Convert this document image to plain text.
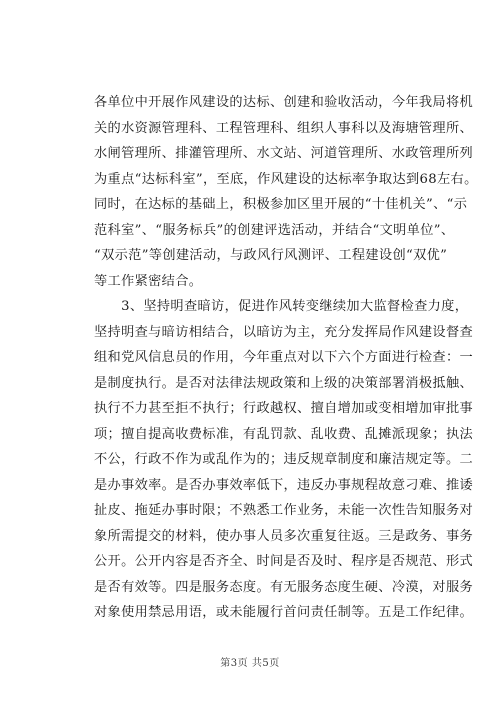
各单位中开展作风建设的达标、创建和验收活动，今年我局将机
关的水资源管理科、工程管理科、组织人事科以及海塘管理所、
水闸管理所、排灌管理所、水文站、河道管理所、水政管理所列
为重点“达标科室”，至底，作风建设的达标率争取达到68左右。
同时，在达标的基础上，积极参加区里开展的“十佳机关”、“示
范科室”、“服务标兵”的创建评选活动，并结合“文明单位”、
“双示范”等创建活动，与政风行风测评、工程建设创“双优”
等工作紧密结合。
　　3、坚持明查暗访，促进作风转变继续加大监督检查力度，
坚持明查与暗访相结合，以暗访为主，充分发挥局作风建设督查
组和党风信息员的作用，今年重点对以下六个方面进行检查：一
是制度执行。是否对法律法规政策和上级的决策部署消极抵触、
执行不力甚至拒不执行；行政越权、擅自增加或变相增加审批事
项；擅自提高收费标准，有乱罚款、乱收费、乱摊派现象；执法
不公，行政不作为或乱作为的；违反规章制度和廉洁规定等。二
是办事效率。是否办事效率低下，违反办事规程故意刁难、推诿
扯皮、拖延办事时限；不熟悉工作业务，未能一次性告知服务对
象所需提交的材料，使办事人员多次重复往返。三是政务、事务
公开。公开内容是否齐全、时间是否及时、程序是否规范、形式
是否有效等。四是服务态度。有无服务态度生硬、冷漠，对服务
对象使用禁忌用语，或未能履行首问责任制等。五是工作纪律。
第3页 共5页
